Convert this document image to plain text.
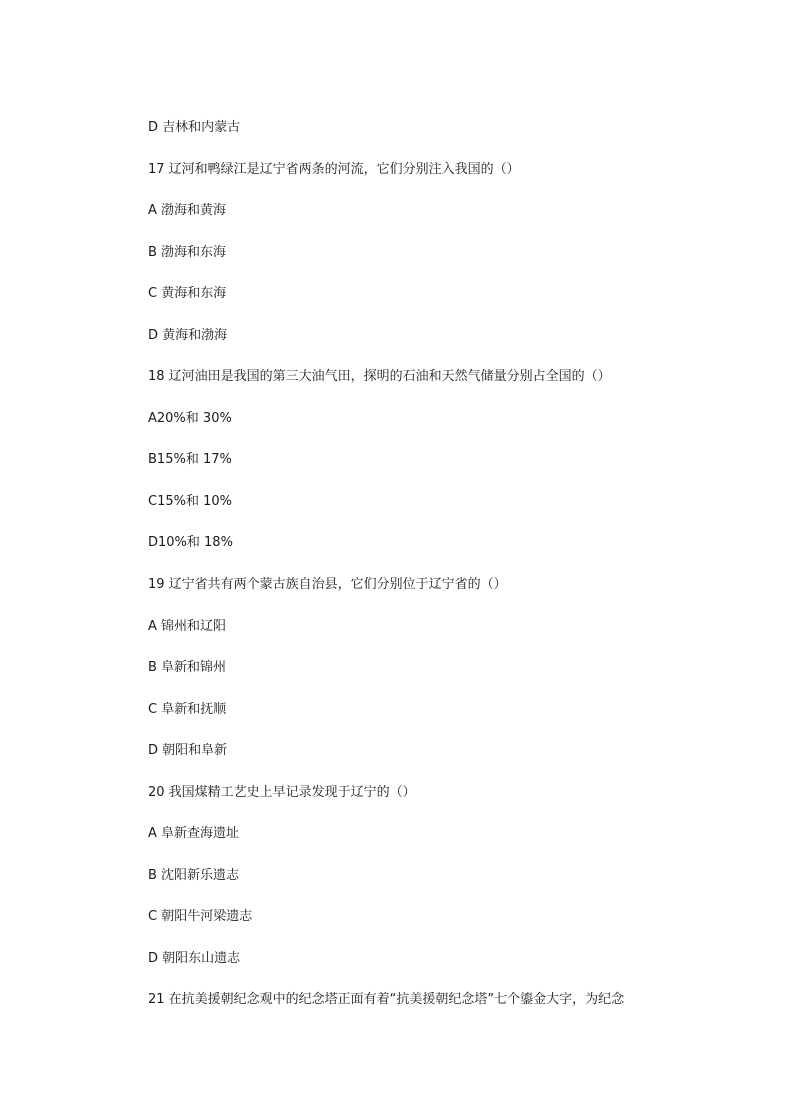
D 吉林和内蒙古
17 辽河和鸭绿江是辽宁省两条的河流，它们分别注入我国的（）
A 渤海和黄海
B 渤海和东海
C 黄海和东海
D 黄海和渤海
18 辽河油田是我国的第三大油气田，探明的石油和天然气储量分别占全国的（）
A20%和 30%
B15%和 17%
C15%和 10%
D10%和 18%
19 辽宁省共有两个蒙古族自治县，它们分别位于辽宁省的（）
A 锦州和辽阳
B 阜新和锦州
C 阜新和抚顺
D 朝阳和阜新
20 我国煤精工艺史上早记录发现于辽宁的（）
A 阜新查海遗址
B 沈阳新乐遗志
C 朝阳牛河梁遗志
D 朝阳东山遗志
21 在抗美援朝纪念观中的纪念塔正面有着“抗美援朝纪念塔”七个鎏金大字，为纪念
